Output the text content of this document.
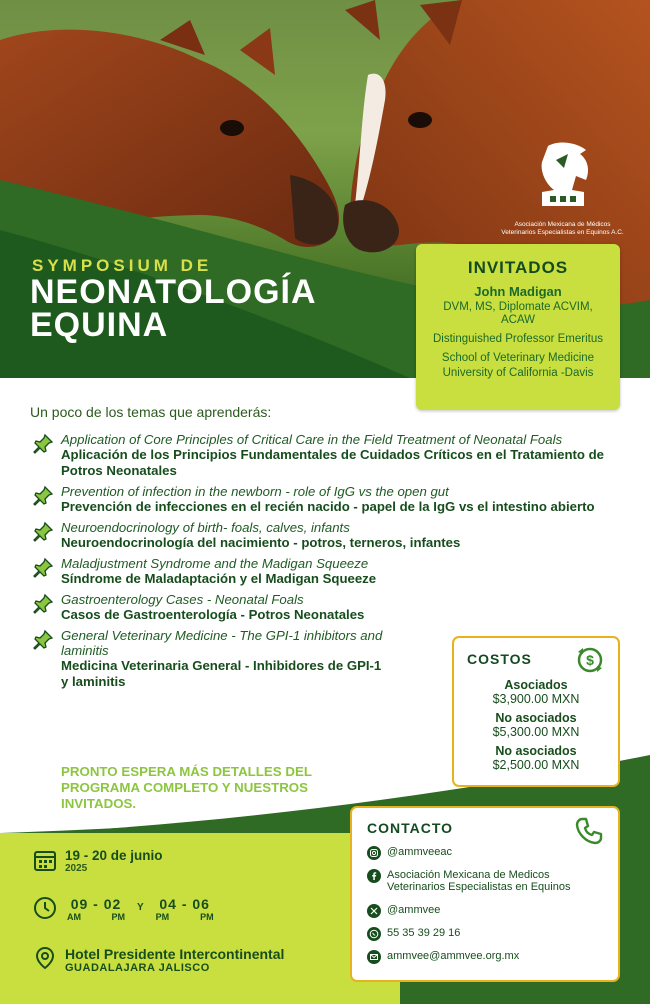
Asociación Mexicana de Médicos
Veterinarios Especialistas en Equinos A.C.
SYMPOSIUM DE
NEONATOLOGÍA
EQUINA
INVITADOS
John Madigan
DVM, MS, Diplomate ACVIM, ACAW
Distinguished Professor Emeritus
School of Veterinary Medicine
University of California -Davis
Un poco de los temas que aprenderás:
Application of Core Principles of Critical Care in the Field Treatment of Neonatal Foals
Aplicación de los Principios Fundamentales de Cuidados Críticos en el Tratamiento de Potros Neonatales
Prevention of infection in the newborn - role of IgG vs the open gut
Prevención de infecciones en el recién nacido - papel de la IgG vs el intestino abierto
Neuroendocrinology of birth- foals, calves, infants
Neuroendocrinología del nacimiento - potros, terneros, infantes
Maladjustment Syndrome and the Madigan Squeeze
Síndrome de Maladaptación y el Madigan Squeeze
Gastroenterology Cases - Neonatal Foals
Casos de Gastroenterología - Potros Neonatales
General Veterinary Medicine - The GPI-1 inhibitors and laminitis
Medicina Veterinaria General - Inhibidores de GPI-1 y laminitis
PRONTO ESPERA MÁS DETALLES DEL PROGRAMA COMPLETO Y NUESTROS INVITADOS.
COSTOS	$
Asociados
$3,900.00 MXN
No asociados
$5,300.00 MXN
No asociados
$2,500.00 MXN
19 - 20 de junio
2025
09 - 02
AM	PM
Y	04 - 06
PM	PM
Hotel Presidente Intercontinental
GUADALAJARA JALISCO
CONTACTO
@ammveeac
Asociación Mexicana de Medicos Veterinarios Especialistas en Equinos
@ammvee
55 35 39 29 16
ammvee@ammvee.org.mx
